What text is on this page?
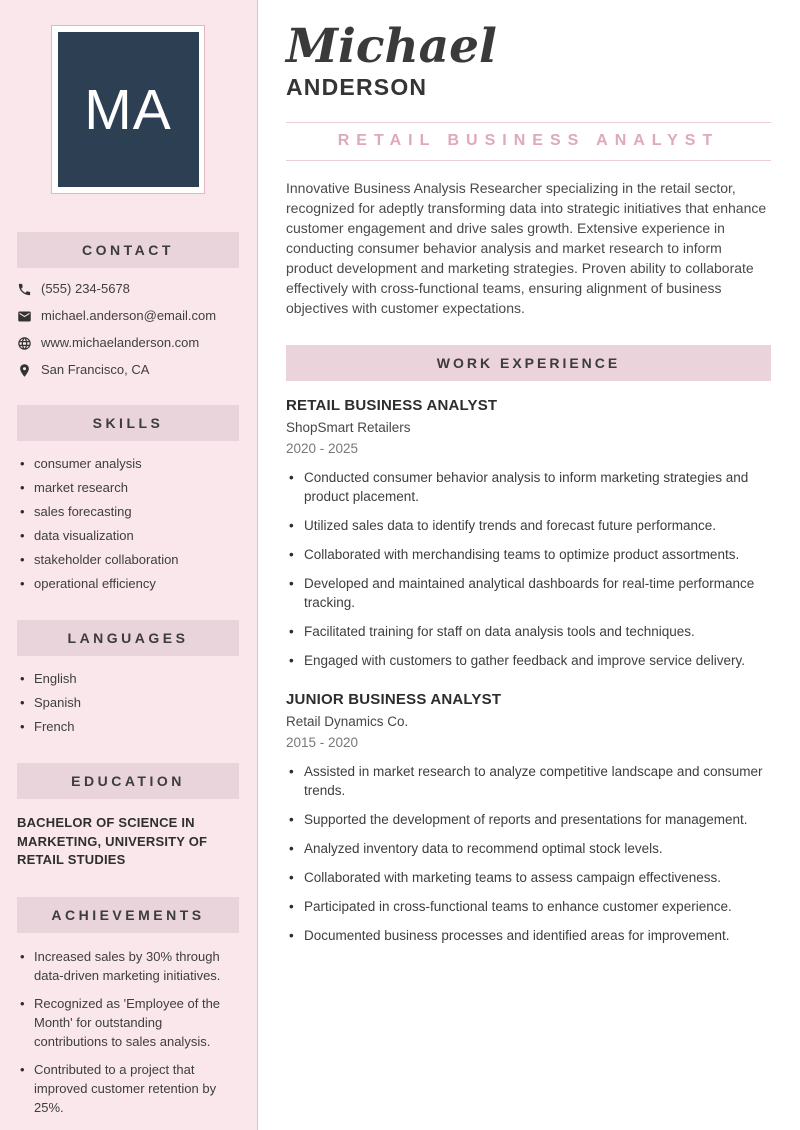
MA
CONTACT
(555) 234-5678
michael.anderson@email.com
www.michaelanderson.com
San Francisco, CA
SKILLS
• consumer analysis
• market research
• sales forecasting
• data visualization
• stakeholder collaboration
• operational efficiency
LANGUAGES
• English
• Spanish
• French
EDUCATION
BACHELOR OF SCIENCE IN MARKETING, UNIVERSITY OF RETAIL STUDIES
ACHIEVEMENTS
• Increased sales by 30% through data-driven marketing initiatives.
• Recognized as 'Employee of the Month' for outstanding contributions to sales analysis.
• Contributed to a project that improved customer retention by 25%.
Michael
ANDERSON
RETAIL BUSINESS ANALYST

Innovative Business Analysis Researcher specializing in the retail sector, recognized for adeptly transforming data into strategic initiatives that enhance customer engagement and drive sales growth. Extensive experience in conducting consumer behavior analysis and market research to inform product development and marketing strategies. Proven ability to collaborate effectively with cross-functional teams, ensuring alignment of business objectives with customer expectations.

WORK EXPERIENCE
RETAIL BUSINESS ANALYST
ShopSmart Retailers
2020 - 2025
• Conducted consumer behavior analysis to inform marketing strategies and product placement.
• Utilized sales data to identify trends and forecast future performance.
• Collaborated with merchandising teams to optimize product assortments.
• Developed and maintained analytical dashboards for real-time performance tracking.
• Facilitated training for staff on data analysis tools and techniques.
• Engaged with customers to gather feedback and improve service delivery.
JUNIOR BUSINESS ANALYST
Retail Dynamics Co.
2015 - 2020
• Assisted in market research to analyze competitive landscape and consumer trends.
• Supported the development of reports and presentations for management.
• Analyzed inventory data to recommend optimal stock levels.
• Collaborated with marketing teams to assess campaign effectiveness.
• Participated in cross-functional teams to enhance customer experience.
• Documented business processes and identified areas for improvement.
